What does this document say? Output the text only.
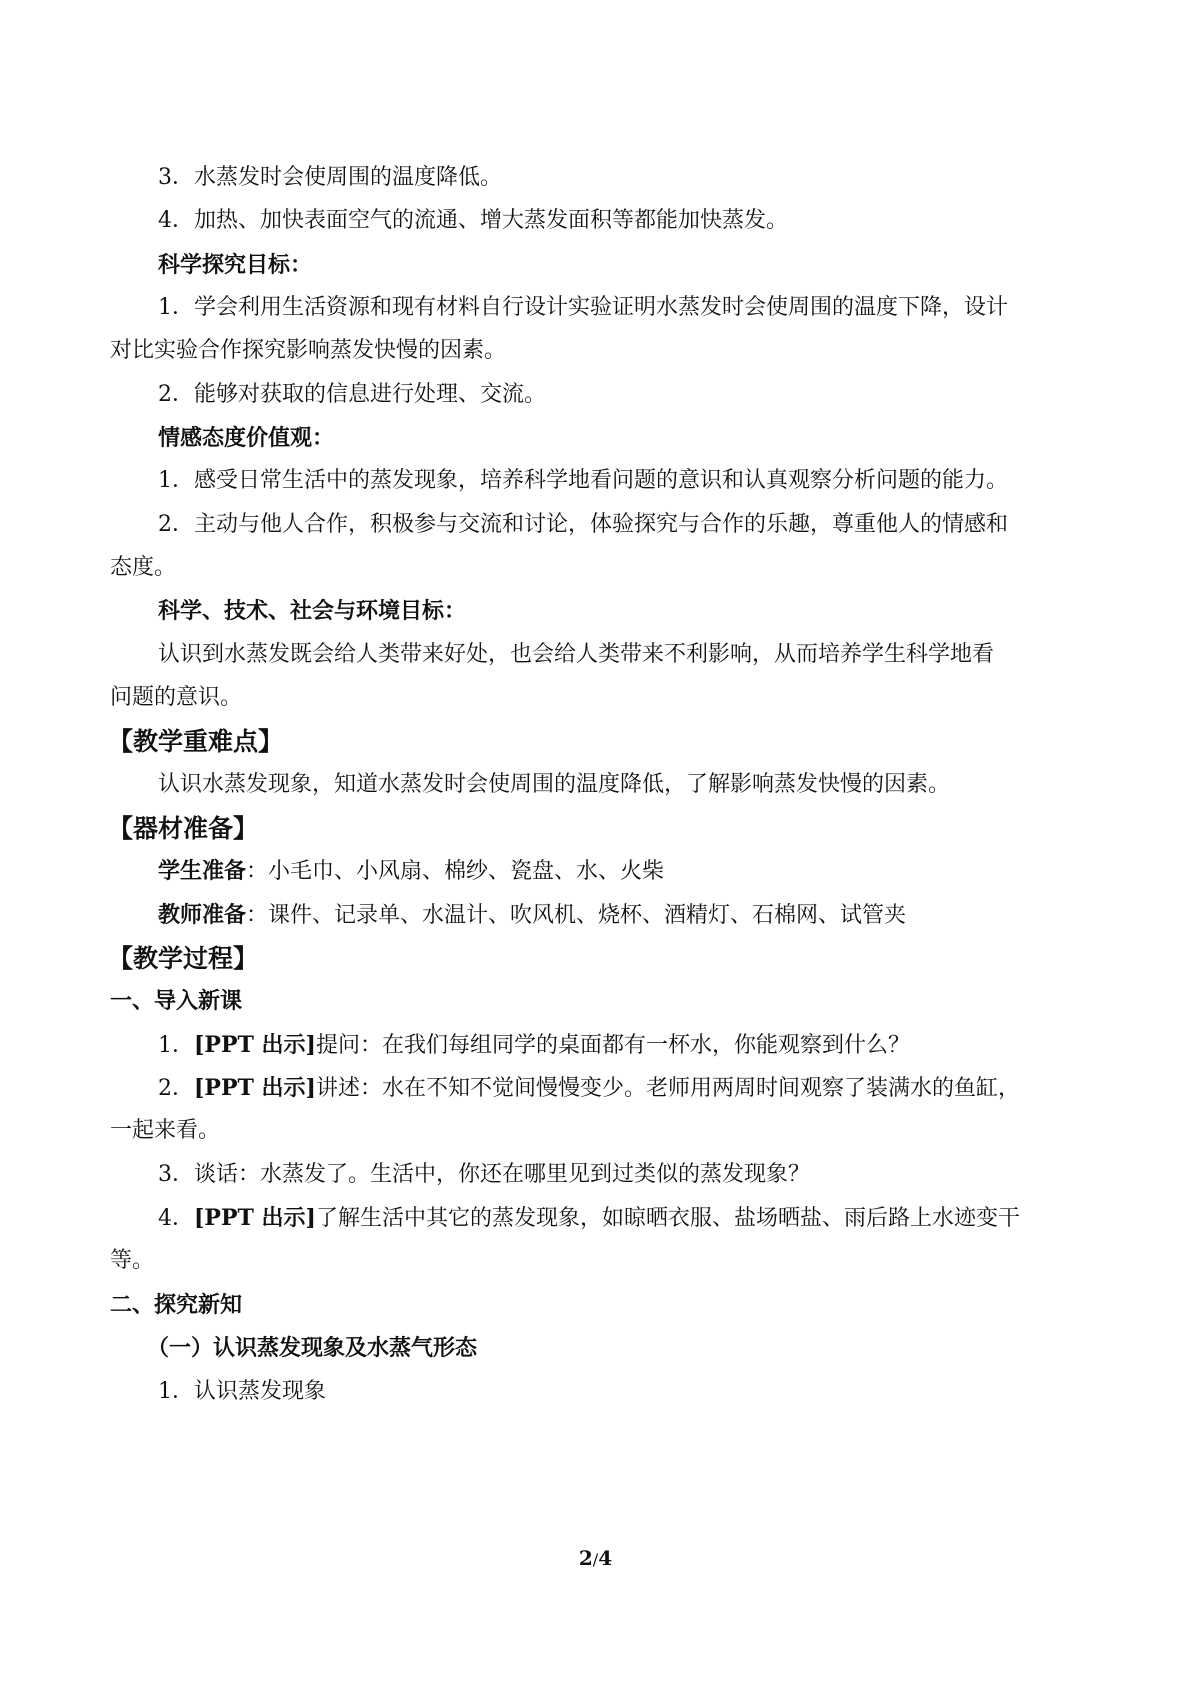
3．水蒸发时会使周围的温度降低。
4．加热、加快表面空气的流通、增大蒸发面积等都能加快蒸发。
科学探究目标：
1．学会利用生活资源和现有材料自行设计实验证明水蒸发时会使周围的温度下降，设计
对比实验合作探究影响蒸发快慢的因素。
2．能够对获取的信息进行处理、交流。
情感态度价值观：
1．感受日常生活中的蒸发现象，培养科学地看问题的意识和认真观察分析问题的能力。
2．主动与他人合作，积极参与交流和讨论，体验探究与合作的乐趣，尊重他人的情感和
态度。
科学、技术、社会与环境目标：
认识到水蒸发既会给人类带来好处，也会给人类带来不利影响，从而培养学生科学地看
问题的意识。
【教学重难点】
认识水蒸发现象，知道水蒸发时会使周围的温度降低，了解影响蒸发快慢的因素。
【器材准备】
学生准备：小毛巾、小风扇、棉纱、瓷盘、水、火柴
教师准备：课件、记录单、水温计、吹风机、烧杯、酒精灯、石棉网、试管夹
【教学过程】
一、导入新课
1．[PPT 出示]提问：在我们每组同学的桌面都有一杯水，你能观察到什么？
2．[PPT 出示]讲述：水在不知不觉间慢慢变少。老师用两周时间观察了装满水的鱼缸，
一起来看。
3．谈话：水蒸发了。生活中，你还在哪里见到过类似的蒸发现象？
4．[PPT 出示]了解生活中其它的蒸发现象，如晾晒衣服、盐场晒盐、雨后路上水迹变干
等。
二、探究新知
（一）认识蒸发现象及水蒸气形态
1．认识蒸发现象
2/4
